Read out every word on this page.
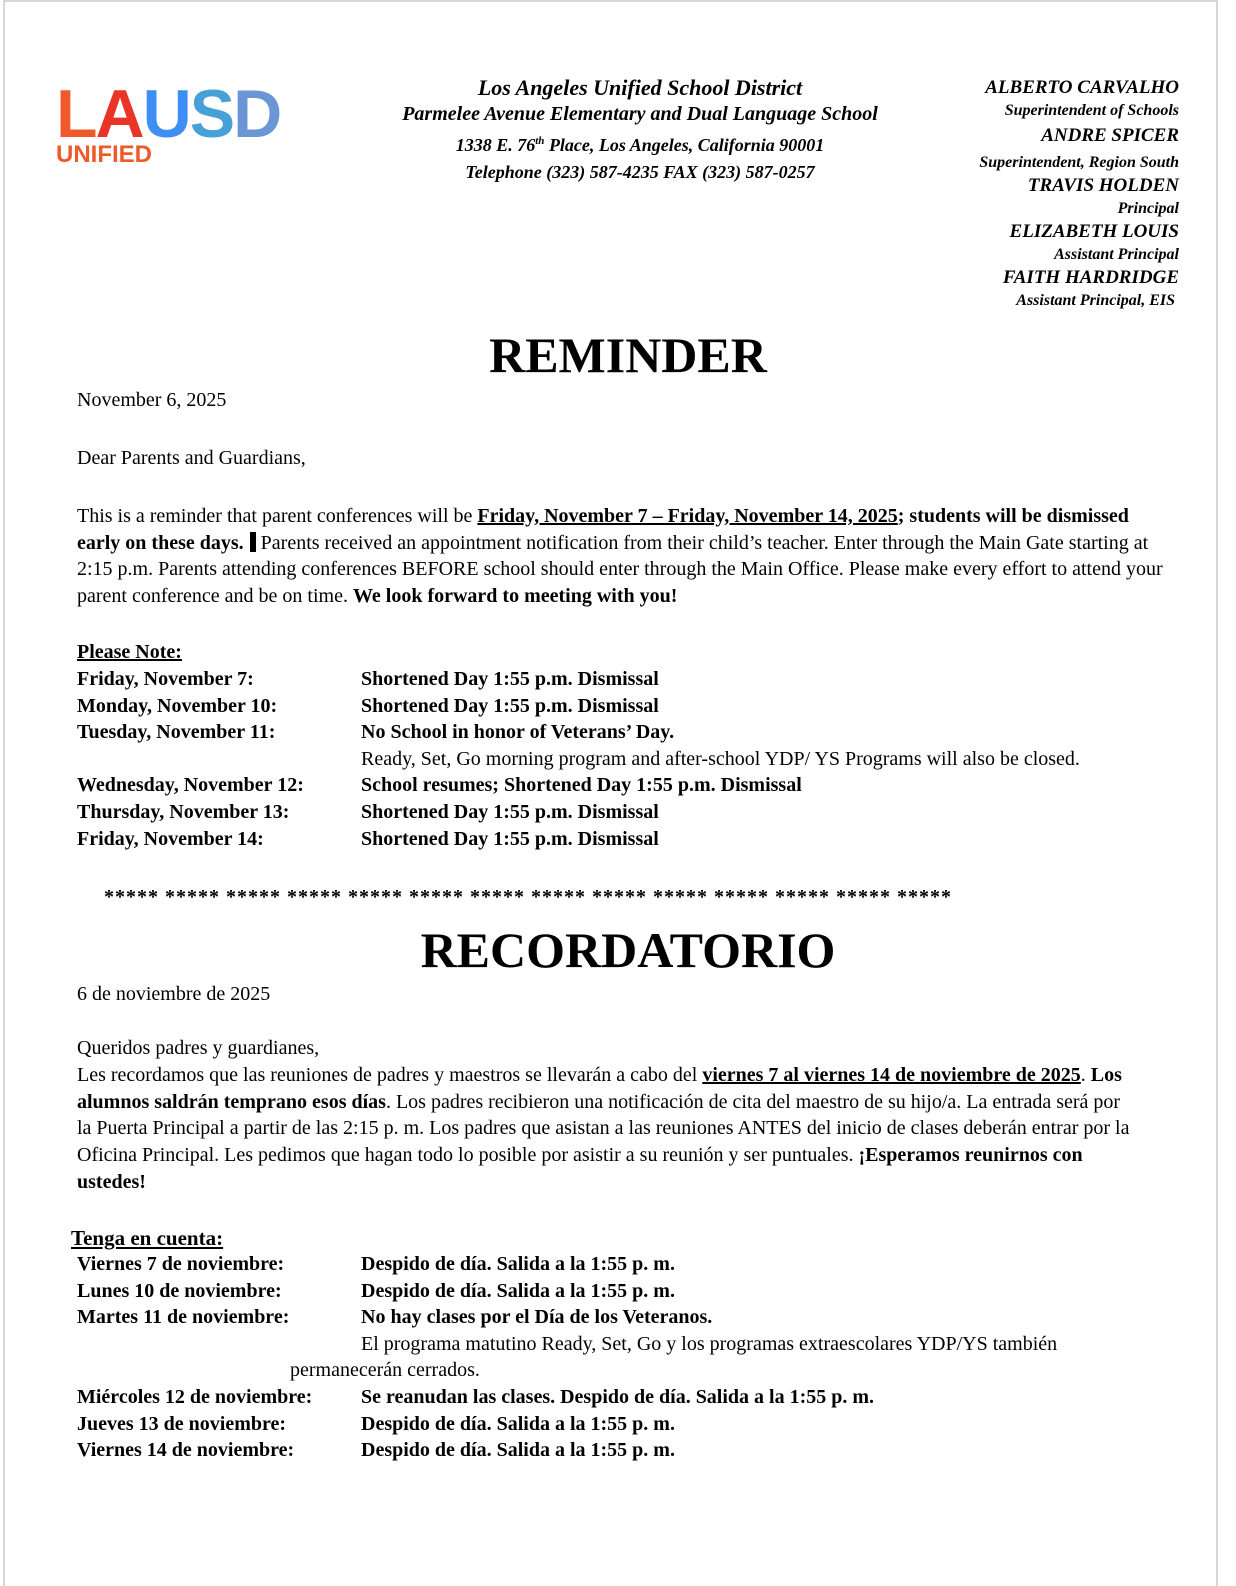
LAUSD
UNIFIED
Los Angeles Unified School District
Parmelee Avenue Elementary and Dual Language School
1338 E. 76th Place, Los Angeles, California 90001
Telephone (323) 587-4235 FAX (323) 587-0257
ALBERTO CARVALHO
Superintendent of Schools
ANDRE SPICER
Superintendent, Region South
TRAVIS HOLDEN
Principal
ELIZABETH LOUIS
Assistant Principal
FAITH HARDRIDGE
Assistant Principal, EIS
REMINDER
November 6, 2025
Dear Parents and Guardians,
This is a reminder that parent conferences will be Friday, November 7 – Friday, November 14, 2025; students will be dismissed early on these days. Parents received an appointment notification from their child’s teacher. Enter through the Main Gate starting at 2:15 p.m. Parents attending conferences BEFORE school should enter through the Main Office. Please make every effort to attend your parent conference and be on time. We look forward to meeting with you!
Please Note:
Friday, November 7:	Shortened Day 1:55 p.m. Dismissal
Monday, November 10:	Shortened Day 1:55 p.m. Dismissal
Tuesday, November 11:	No School in honor of Veterans’ Day.
Ready, Set, Go morning program and after-school YDP/ YS Programs will also be closed.
Wednesday, November 12:	School resumes; Shortened Day 1:55 p.m. Dismissal
Thursday, November 13:	Shortened Day 1:55 p.m. Dismissal
Friday, November 14:	Shortened Day 1:55 p.m. Dismissal
***** ***** ***** ***** ***** ***** ***** ***** ***** ***** ***** ***** ***** *****
RECORDATORIO
6 de noviembre de 2025
Queridos padres y guardianes,
Les recordamos que las reuniones de padres y maestros se llevarán a cabo del viernes 7 al viernes 14 de noviembre de 2025. Los alumnos saldrán temprano esos días. Los padres recibieron una notificación de cita del maestro de su hijo/a. La entrada será por la Puerta Principal a partir de las 2:15 p. m. Los padres que asistan a las reuniones ANTES del inicio de clases deberán entrar por la Oficina Principal. Les pedimos que hagan todo lo posible por asistir a su reunión y ser puntuales. ¡Esperamos reunirnos con ustedes!
Tenga en cuenta:
Viernes 7 de noviembre:	Despido de día. Salida a la 1:55 p. m.
Lunes 10 de noviembre:	Despido de día. Salida a la 1:55 p. m.
Martes 11 de noviembre:	No hay clases por el Día de los Veteranos.
El programa matutino Ready, Set, Go y los programas extraescolares YDP/YS también
permanecerán cerrados.
Miércoles 12 de noviembre: Se reanudan las clases. Despido de día. Salida a la 1:55 p. m.
Jueves 13 de noviembre:	Despido de día. Salida a la 1:55 p. m.
Viernes 14 de noviembre:	Despido de día. Salida a la 1:55 p. m.
